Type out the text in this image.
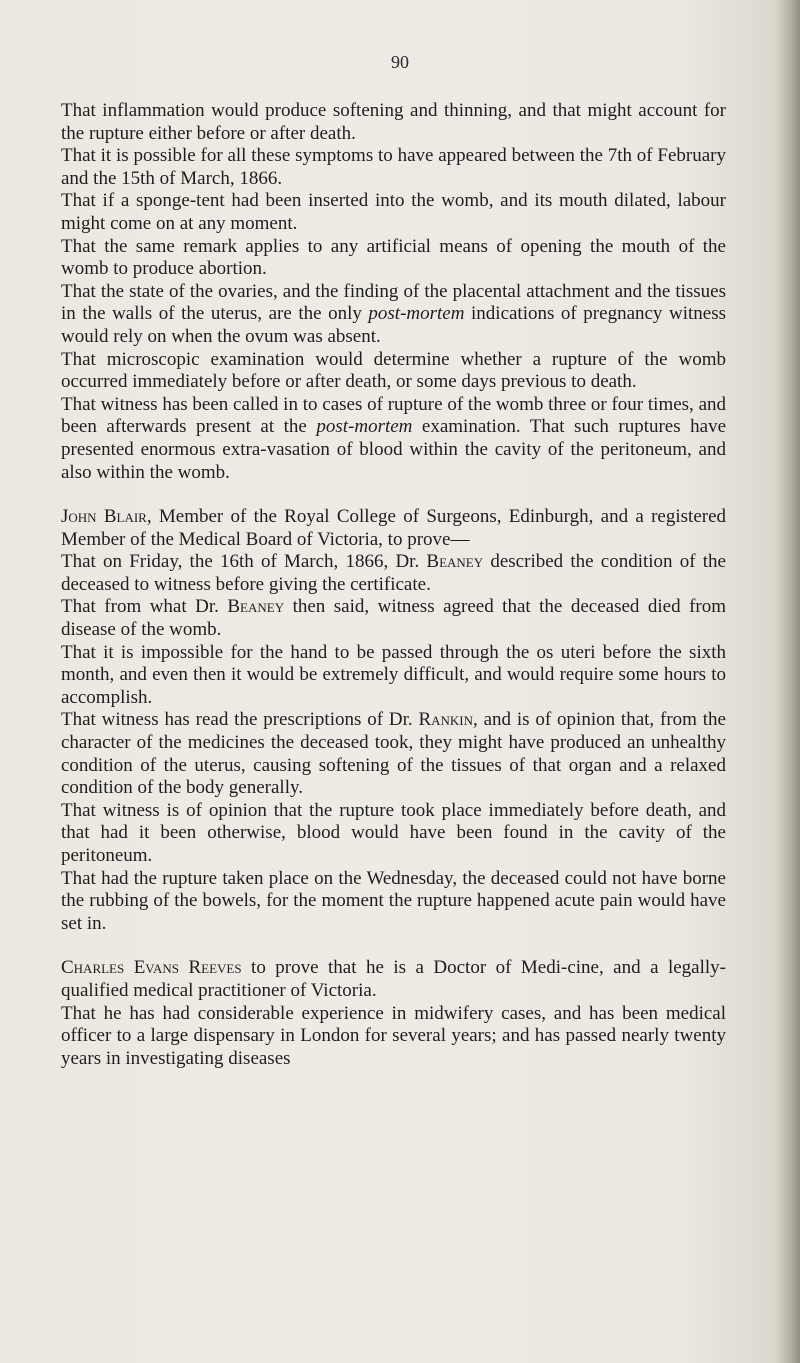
90

That inflammation would produce softening and thinning, and that might account for the rupture either before or after death.

That it is possible for all these symptoms to have appeared between the 7th of February and the 15th of March, 1866.

That if a sponge-tent had been inserted into the womb, and its mouth dilated, labour might come on at any moment.

That the same remark applies to any artificial means of opening the mouth of the womb to produce abortion.

That the state of the ovaries, and the finding of the placental attachment and the tissues in the walls of the uterus, are the only post-mortem indications of pregnancy witness would rely on when the ovum was absent.

That microscopic examination would determine whether a rupture of the womb occurred immediately before or after death, or some days previous to death.

That witness has been called in to cases of rupture of the womb three or four times, and been afterwards present at the post-mortem examination. That such ruptures have presented enormous extra-vasation of blood within the cavity of the peritoneum, and also within the womb.

John Blair, Member of the Royal College of Surgeons, Edinburgh, and a registered Member of the Medical Board of Victoria, to prove—

That on Friday, the 16th of March, 1866, Dr. Beaney described the condition of the deceased to witness before giving the certificate.

That from what Dr. Beaney then said, witness agreed that the deceased died from disease of the womb.

That it is impossible for the hand to be passed through the os uteri before the sixth month, and even then it would be extremely difficult, and would require some hours to accomplish.

That witness has read the prescriptions of Dr. Rankin, and is of opinion that, from the character of the medicines the deceased took, they might have produced an unhealthy condition of the uterus, causing softening of the tissues of that organ and a relaxed condition of the body generally.

That witness is of opinion that the rupture took place immediately before death, and that had it been otherwise, blood would have been found in the cavity of the peritoneum.

That had the rupture taken place on the Wednesday, the deceased could not have borne the rubbing of the bowels, for the moment the rupture happened acute pain would have set in.

Charles Evans Reeves to prove that he is a Doctor of Medi-cine, and a legally-qualified medical practitioner of Victoria.

That he has had considerable experience in midwifery cases, and has been medical officer to a large dispensary in London for several years; and has passed nearly twenty years in investigating diseases
